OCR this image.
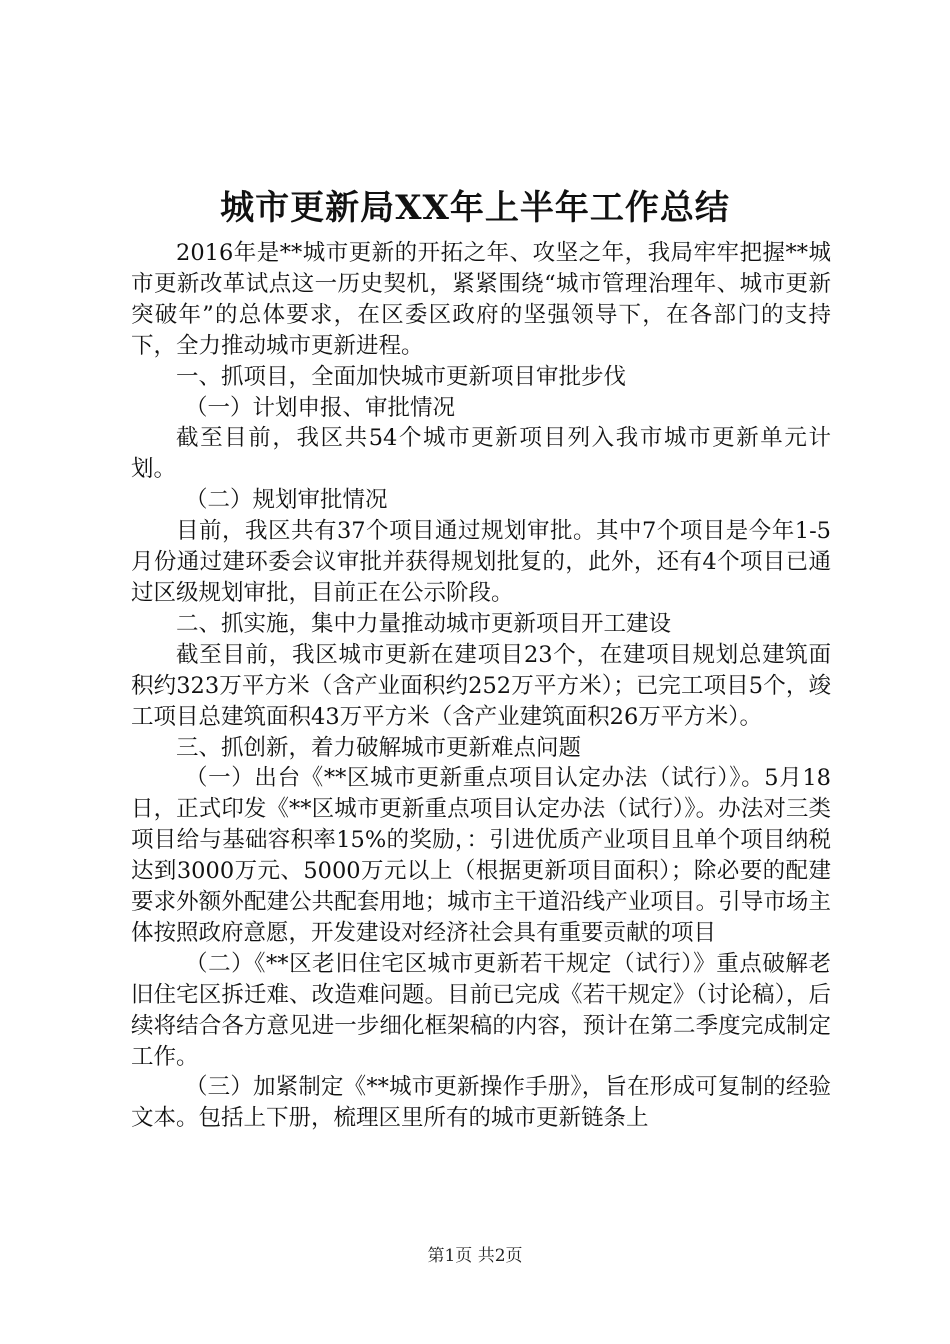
城市更新局XX年上半年工作总结

2016年是**城市更新的开拓之年、攻坚之年，我局牢牢把握**城市更新改革试点这一历史契机，紧紧围绕“城市管理治理年、城市更新突破年”的总体要求，在区委区政府的坚强领导下，在各部门的支持下，全力推动城市更新进程。

一、抓项目，全面加快城市更新项目审批步伐

（一）计划申报、审批情况

截至目前，我区共54个城市更新项目列入我市城市更新单元计划。

（二）规划审批情况

目前，我区共有37个项目通过规划审批。其中7个项目是今年1-5月份通过建环委会议审批并获得规划批复的，此外，还有4个项目已通过区级规划审批，目前正在公示阶段。

二、抓实施，集中力量推动城市更新项目开工建设

截至目前，我区城市更新在建项目23个，在建项目规划总建筑面积约323万平方米（含产业面积约252万平方米）；已完工项目5个，竣工项目总建筑面积43万平方米（含产业建筑面积26万平方米）。

三、抓创新，着力破解城市更新难点问题

（一）出台《**区城市更新重点项目认定办法（试行）》。5月18日，正式印发《**区城市更新重点项目认定办法（试行）》。办法对三类项目给与基础容积率15%的奖励，：引进优质产业项目且单个项目纳税达到3000万元、5000万元以上（根据更新项目面积）；除必要的配建要求外额外配建公共配套用地；城市主干道沿线产业项目。引导市场主体按照政府意愿，开发建设对经济社会具有重要贡献的项目

（二）《**区老旧住宅区城市更新若干规定（试行）》重点破解老旧住宅区拆迁难、改造难问题。目前已完成《若干规定》（讨论稿），后续将结合各方意见进一步细化框架稿的内容，预计在第二季度完成制定工作。

（三）加紧制定《**城市更新操作手册》，旨在形成可复制的经验文本。包括上下册，梳理区里所有的城市更新链条上

第1页 共2页
